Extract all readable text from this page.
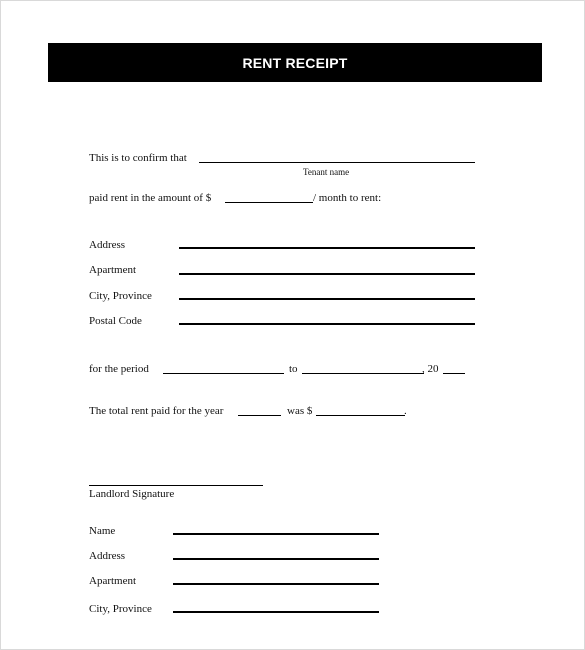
RENT RECEIPT
This is to confirm that
Tenant name
paid rent in the amount of $	/ month to rent:
Address
Apartment
City, Province
Postal Code
for the period	to	, 20
The total rent paid for the year	was $	.
Landlord Signature
Name
Address
Apartment
City, Province
